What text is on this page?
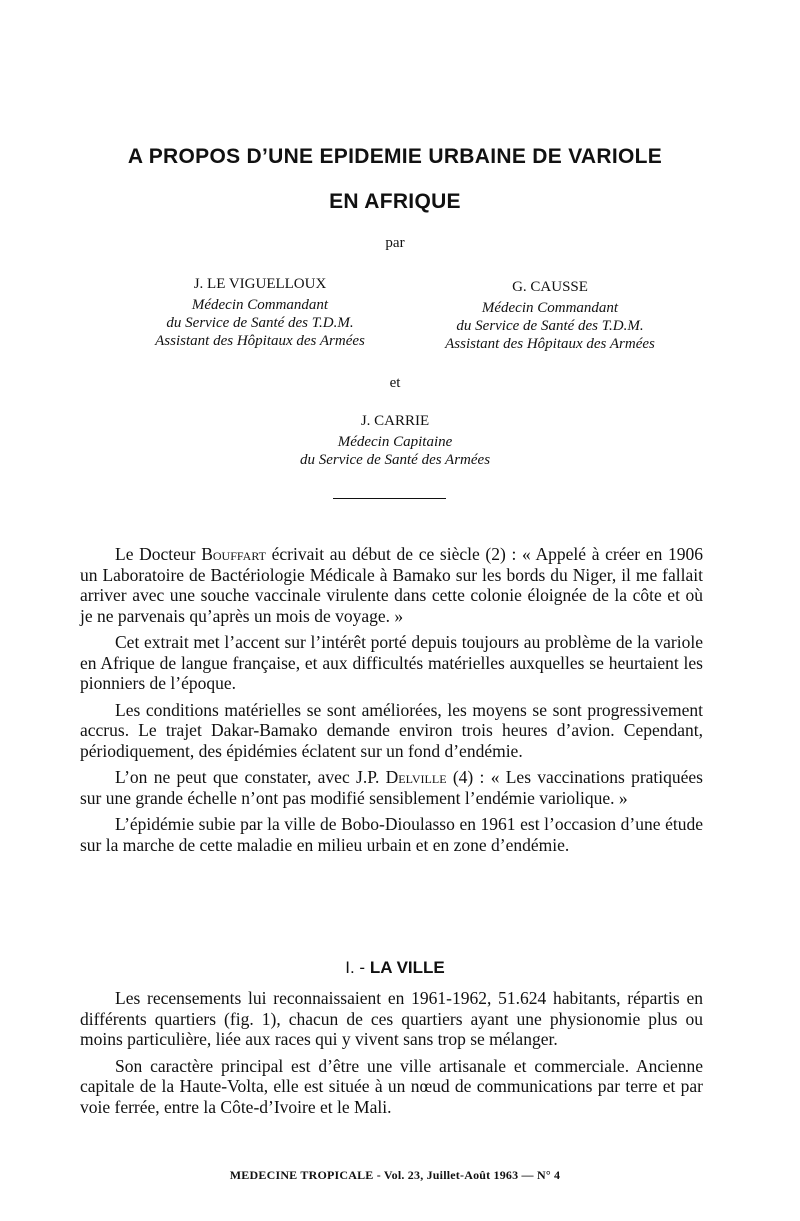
A PROPOS D’UNE EPIDEMIE URBAINE DE VARIOLE
EN AFRIQUE
par
J. LE VIGUELLOUX
Médecin Commandant
du Service de Santé des T.D.M.
Assistant des Hôpitaux des Armées
G. CAUSSE
Médecin Commandant
du Service de Santé des T.D.M.
Assistant des Hôpitaux des Armées
et
J. CARRIE
Médecin Capitaine
du Service de Santé des Armées

Le Docteur Bouffart écrivait au début de ce siècle (2) : « Appelé à créer en 1906 un Laboratoire de Bactériologie Médicale à Bamako sur les bords du Niger, il me fallait arriver avec une souche vaccinale virulente dans cette colonie éloignée de la côte et où je ne parvenais qu’après un mois de voyage. »

Cet extrait met l’accent sur l’intérêt porté depuis toujours au problème de la variole en Afrique de langue française, et aux difficultés matérielles auxquelles se heurtaient les pionniers de l’époque.

Les conditions matérielles se sont améliorées, les moyens se sont progressivement accrus. Le trajet Dakar-Bamako demande environ trois heures d’avion. Cependant, périodiquement, des épidémies éclatent sur un fond d’endémie.

L’on ne peut que constater, avec J.P. Delville (4) : « Les vaccinations pratiquées sur une grande échelle n’ont pas modifié sensiblement l’endémie variolique. »

L’épidémie subie par la ville de Bobo-Dioulasso en 1961 est l’occasion d’une étude sur la marche de cette maladie en milieu urbain et en zone d’endémie.

I. - LA VILLE

Les recensements lui reconnaissaient en 1961-1962, 51.624 habitants, répartis en différents quartiers (fig. 1), chacun de ces quartiers ayant une physionomie plus ou moins particulière, liée aux races qui y vivent sans trop se mélanger.

Son caractère principal est d’être une ville artisanale et commerciale. Ancienne capitale de la Haute-Volta, elle est située à un nœud de communications par terre et par voie ferrée, entre la Côte-d’Ivoire et le Mali.

MEDECINE TROPICALE - Vol. 23, Juillet-Août 1963 — N° 4
